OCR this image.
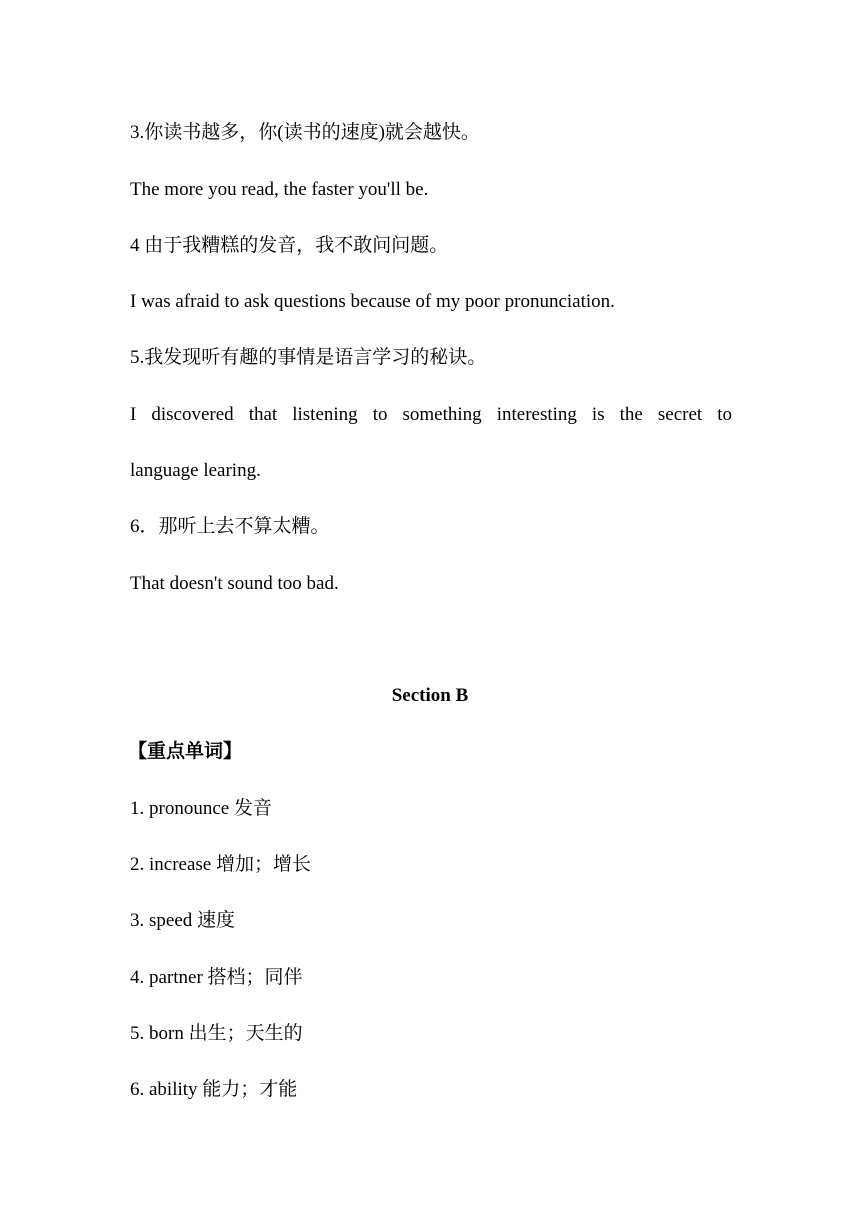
3.你读书越多，你(读书的速度)就会越快。
The more you read, the faster you'll be.
4 由于我糟糕的发音，我不敢问问题。
I was afraid to ask questions because of my poor pronunciation.
5.我发现听有趣的事情是语言学习的秘诀。
I discovered that listening to something interesting is the secret to
language learing.
6．那听上去不算太糟。
That doesn't sound too bad.
Section B
【重点单词】
1. pronounce 发音
2. increase 增加；增长
3. speed 速度
4. partner 搭档；同伴
5. born 出生；天生的
6. ability 能力；才能
